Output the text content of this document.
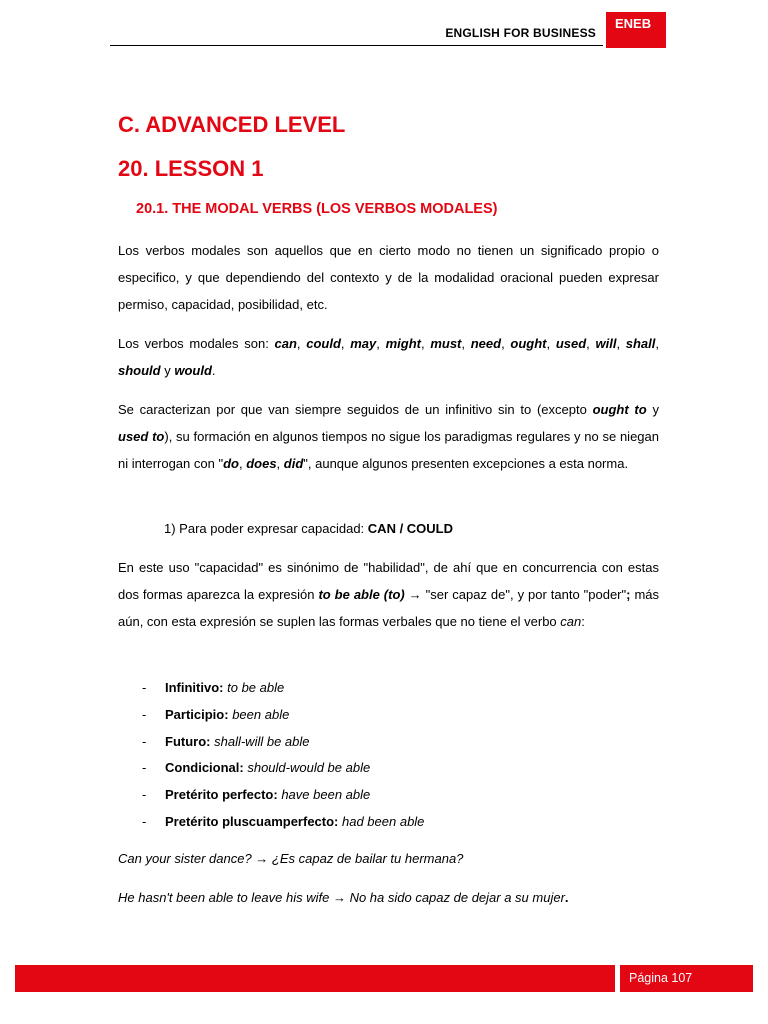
ENGLISH FOR BUSINESS
ENEB
C. ADVANCED LEVEL
20. LESSON 1
20.1. THE MODAL VERBS (LOS VERBOS MODALES)

Los verbos modales son aquellos que en cierto modo no tienen un significado propio o especifico, y que dependiendo del contexto y de la modalidad oracional pueden expresar permiso, capacidad, posibilidad, etc.

Los verbos modales son: can, could, may, might, must, need, ought, used, will, shall, should y would.

Se caracterizan por que van siempre seguidos de un infinitivo sin to (excepto ought to y used to), su formación en algunos tiempos no sigue los paradigmas regulares y no se niegan ni interrogan con "do, does, did", aunque algunos presenten excepciones a esta norma.

1) Para poder expresar capacidad: CAN / COULD

En este uso "capacidad" es sinónimo de "habilidad", de ahí que en concurrencia con estas dos formas aparezca la expresión to be able (to) → "ser capaz de", y por tanto "poder"; más aún, con esta expresión se suplen las formas verbales que no tiene el verbo can:

- Infinitivo: to be able
- Participio: been able
- Futuro: shall-will be able
- Condicional: should-would be able
- Pretérito perfecto: have been able
- Pretérito pluscuamperfecto: had been able

Can your sister dance? → ¿Es capaz de bailar tu hermana?

He hasn't been able to leave his wife → No ha sido capaz de dejar a su mujer.

Página 107
